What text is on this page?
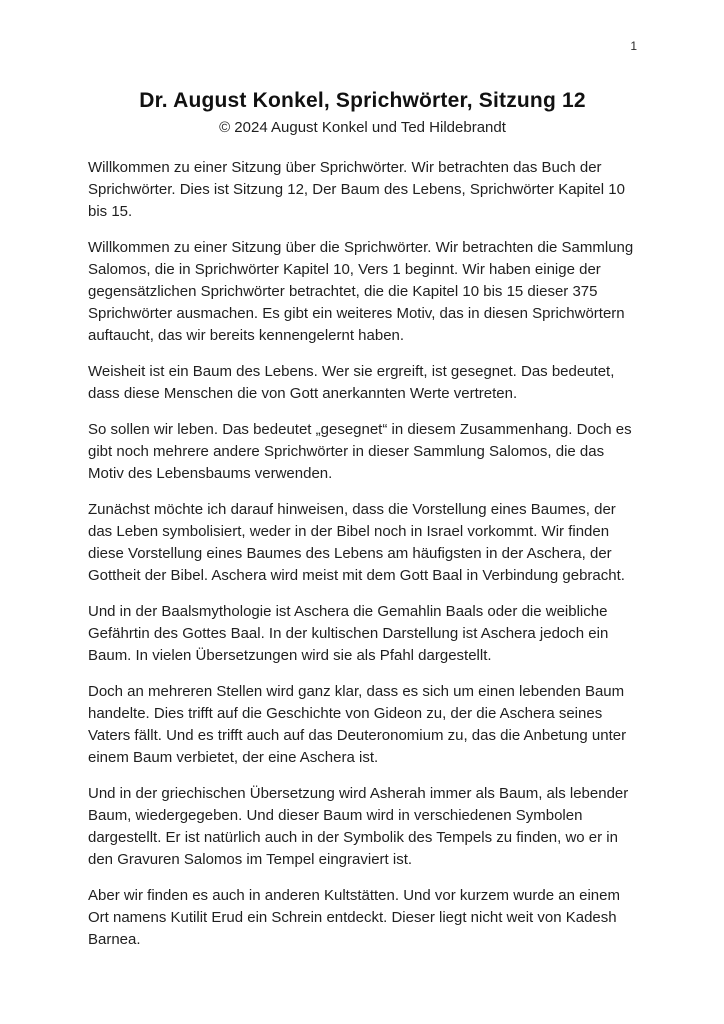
1
Dr. August Konkel, Sprichwörter, Sitzung 12
© 2024 August Konkel und Ted Hildebrandt

Willkommen zu einer Sitzung über Sprichwörter. Wir betrachten das Buch der Sprichwörter. Dies ist Sitzung 12, Der Baum des Lebens, Sprichwörter Kapitel 10 bis 15.

Willkommen zu einer Sitzung über die Sprichwörter. Wir betrachten die Sammlung Salomos, die in Sprichwörter Kapitel 10, Vers 1 beginnt. Wir haben einige der gegensätzlichen Sprichwörter betrachtet, die die Kapitel 10 bis 15 dieser 375 Sprichwörter ausmachen. Es gibt ein weiteres Motiv, das in diesen Sprichwörtern auftaucht, das wir bereits kennengelernt haben.

Weisheit ist ein Baum des Lebens. Wer sie ergreift, ist gesegnet. Das bedeutet, dass diese Menschen die von Gott anerkannten Werte vertreten.

So sollen wir leben. Das bedeutet „gesegnet“ in diesem Zusammenhang. Doch es gibt noch mehrere andere Sprichwörter in dieser Sammlung Salomos, die das Motiv des Lebensbaums verwenden.

Zunächst möchte ich darauf hinweisen, dass die Vorstellung eines Baumes, der das Leben symbolisiert, weder in der Bibel noch in Israel vorkommt. Wir finden diese Vorstellung eines Baumes des Lebens am häufigsten in der Aschera, der Gottheit der Bibel. Aschera wird meist mit dem Gott Baal in Verbindung gebracht.

Und in der Baalsmythologie ist Aschera die Gemahlin Baals oder die weibliche Gefährtin des Gottes Baal. In der kultischen Darstellung ist Aschera jedoch ein Baum. In vielen Übersetzungen wird sie als Pfahl dargestellt.

Doch an mehreren Stellen wird ganz klar, dass es sich um einen lebenden Baum handelte. Dies trifft auf die Geschichte von Gideon zu, der die Aschera seines Vaters fällt. Und es trifft auch auf das Deuteronomium zu, das die Anbetung unter einem Baum verbietet, der eine Aschera ist.

Und in der griechischen Übersetzung wird Asherah immer als Baum, als lebender Baum, wiedergegeben. Und dieser Baum wird in verschiedenen Symbolen dargestellt. Er ist natürlich auch in der Symbolik des Tempels zu finden, wo er in den Gravuren Salomos im Tempel eingraviert ist.

Aber wir finden es auch in anderen Kultstätten. Und vor kurzem wurde an einem Ort namens Kutilit Erud ein Schrein entdeckt. Dieser liegt nicht weit von Kadesh Barnea.
